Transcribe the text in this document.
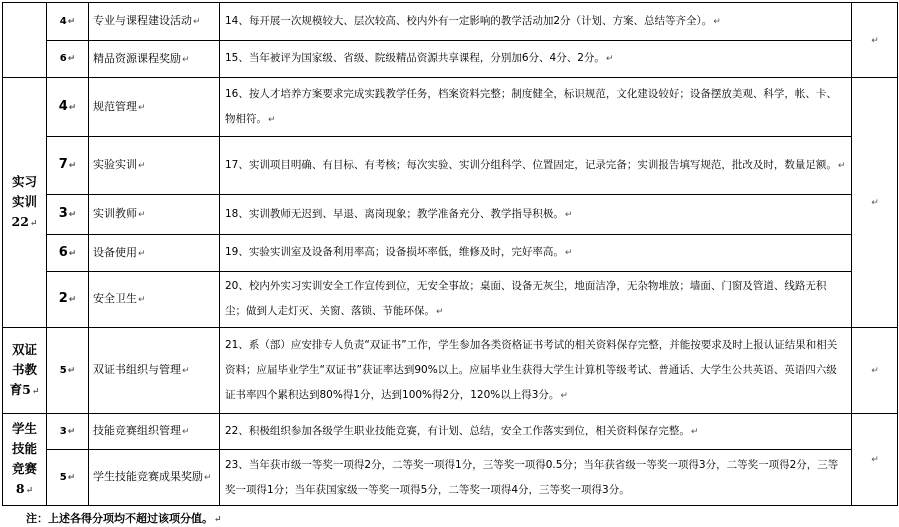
	4↵	专业与课程建设活动↵	14、每开展一次规模较大、层次较高、校内外有一定影响的教学活动加2分（计划、方案、总结等齐全）。↵	↵
	6↵	精品资源课程奖励↵	15、当年被评为国家级、省级、院级精品资源共享课程，分别加6分、4分、2分。↵	

实习
实训
22↵	4↵	规范管理↵	16、按人才培养方案要求完成实践教学任务，档案资料完整；制度健全，标识规范，文化建设较好；设备摆放美观、科学，帐、卡、物相符。↵	↵
	7↵	实验实训↵	17、实训项目明确、有目标、有考核；每次实验、实训分组科学、位置固定，记录完备；实训报告填写规范，批改及时，数量足额。↵	
	3↵	实训教师↵	18、实训教师无迟到、早退、离岗现象；教学准备充分、教学指导积极。↵	
	6↵	设备使用↵	19、实验实训室及设备利用率高；设备损坏率低，维修及时，完好率高。↵	
	2↵	安全卫生↵	20、校内外实习实训安全工作宣传到位，无安全事故；桌面、设备无灰尘，地面洁净，无杂物堆放；墙面、门窗及管道、线路无积尘；做到人走灯灭、关窗、落锁、节能环保。↵	

双证
书教
育5↵	5↵	双证书组织与管理↵	21、系（部）应安排专人负责“双证书”工作，学生参加各类资格证书考试的相关资料保存完整，并能按要求及时上报认证结果和相关资料；应届毕业学生“双证书”获证率达到90%以上。应届毕业生获得大学生计算机等级考试、普通话、大学生公共英语、英语四六级证书率四个累积达到80%得1分，达到100%得2分，120%以上得3分。↵	↵

学生
技能
竞赛
8↵	3↵	技能竞赛组织管理↵	22、积极组织参加各级学生职业技能竞赛，有计划、总结，安全工作落实到位，相关资料保存完整。↵	↵
	5↵	学生技能竞赛成果奖励↵	23、当年获市级一等奖一项得2分，二等奖一项得1分，三等奖一项得0.5分；当年获省级一等奖一项得3分，二等奖一项得2分，三等奖一项得1分；当年获国家级一等奖一项得5分，二等奖一项得4分，三等奖一项得3分。	
注：上述各得分项均不超过该项分值。↵
